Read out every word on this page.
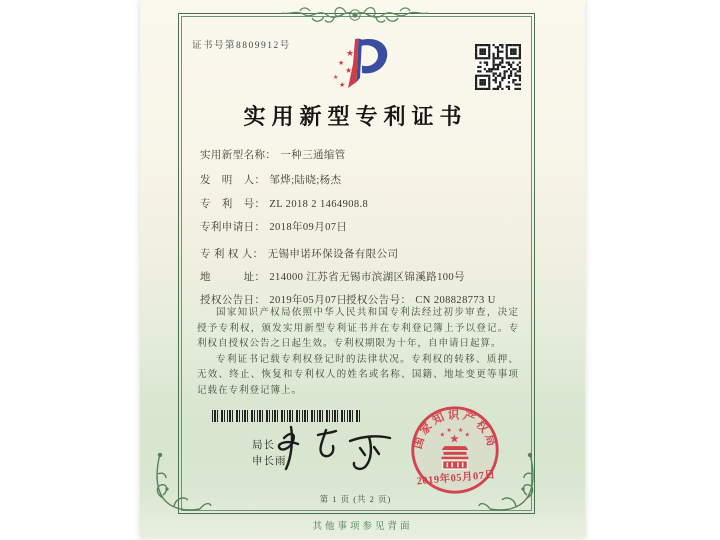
证书号第8809912号
★
★
★
★
★
实用新型专利证书
实用新型名称： 一种三通缩管
发　明　人： 邹烨;陆晓;杨杰
专　利　号： ZL 2018 2 1464908.8
专利申请日： 2018年09月07日
专 利 权 人： 无锡申诺环保设备有限公司
地　　　址： 214000 江苏省无锡市滨湖区锦溪路100号
授权公告日： 2019年05月07日
授权公告号： CN 208828773 U

国家知识产权局依照中华人民共和国专利法经过初步审查，决定授予专利权，颁发实用新型专利证书并在专利登记簿上予以登记。专利权自授权公告之日起生效。专利权期限为十年，自申请日起算。

专利证书记载专利权登记时的法律状况。专利权的转移、质押、无效、终止、恢复和专利权人的姓名或名称、国籍、地址变更等事项记载在专利登记簿上。

局长
申长雨
国家知识产权局
★
★
★ ★
★
2019年05月07日
第 1 页 (共 2 页)
其他事项参见背面
